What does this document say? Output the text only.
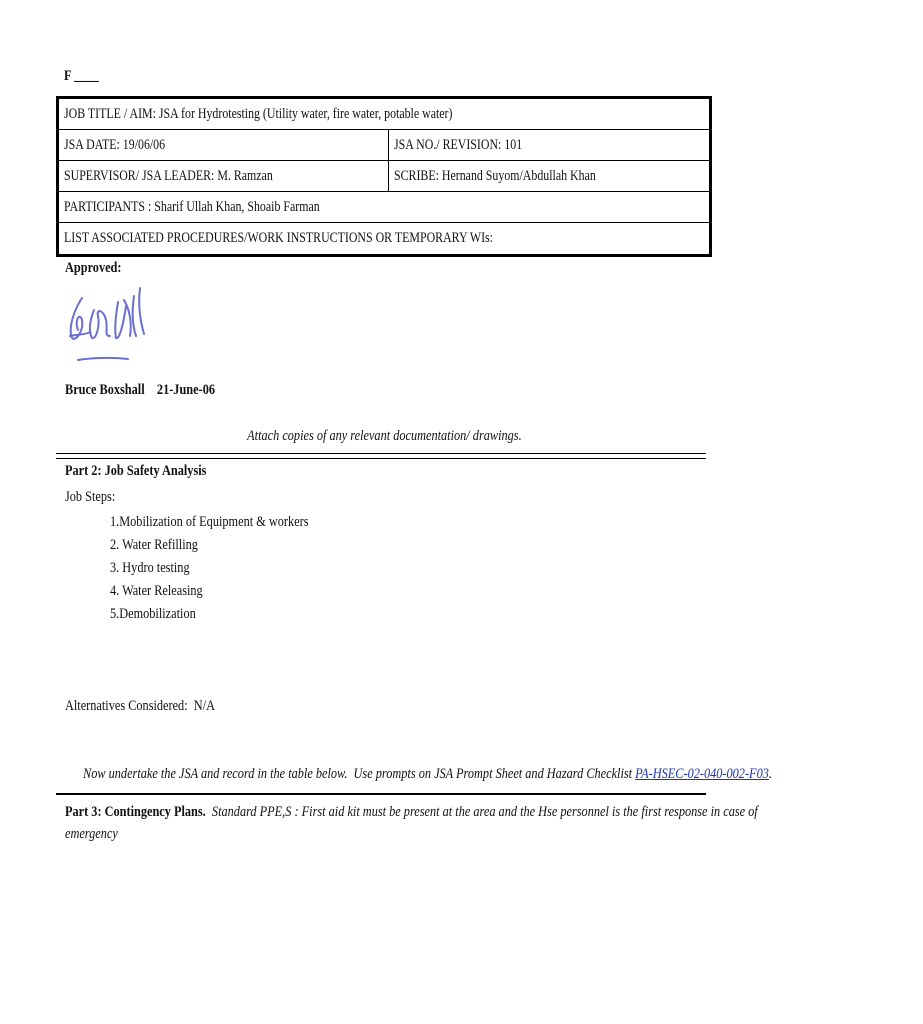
F ____
JOB TITLE / AIM: JSA for Hydrotesting (Utility water, fire water, potable water)
JSA DATE: 19/06/06	JSA NO./ REVISION: 101
SUPERVISOR/ JSA LEADER: M. Ramzan	SCRIBE: Hernand Suyom/Abdullah Khan
PARTICIPANTS : Sharif Ullah Khan, Shoaib Farman
LIST ASSOCIATED PROCEDURES/WORK INSTRUCTIONS OR TEMPORARY WIs:
Approved:
Bruce Boxshall    21-June-06
Attach copies of any relevant documentation/ drawings.
Part 2: Job Safety Analysis
Job Steps:
1.Mobilization of Equipment & workers
2. Water Refilling
3. Hydro testing
4. Water Releasing
5.Demobilization
Alternatives Considered:  N/A
Now undertake the JSA and record in the table below.  Use prompts on JSA Prompt Sheet and Hazard Checklist PA-HSEC-02-040-002-F03.
Part 3: Contingency Plans. Standard PPE,S : First aid kit must be present at the area and the Hse personnel is the first response in case of
emergency
